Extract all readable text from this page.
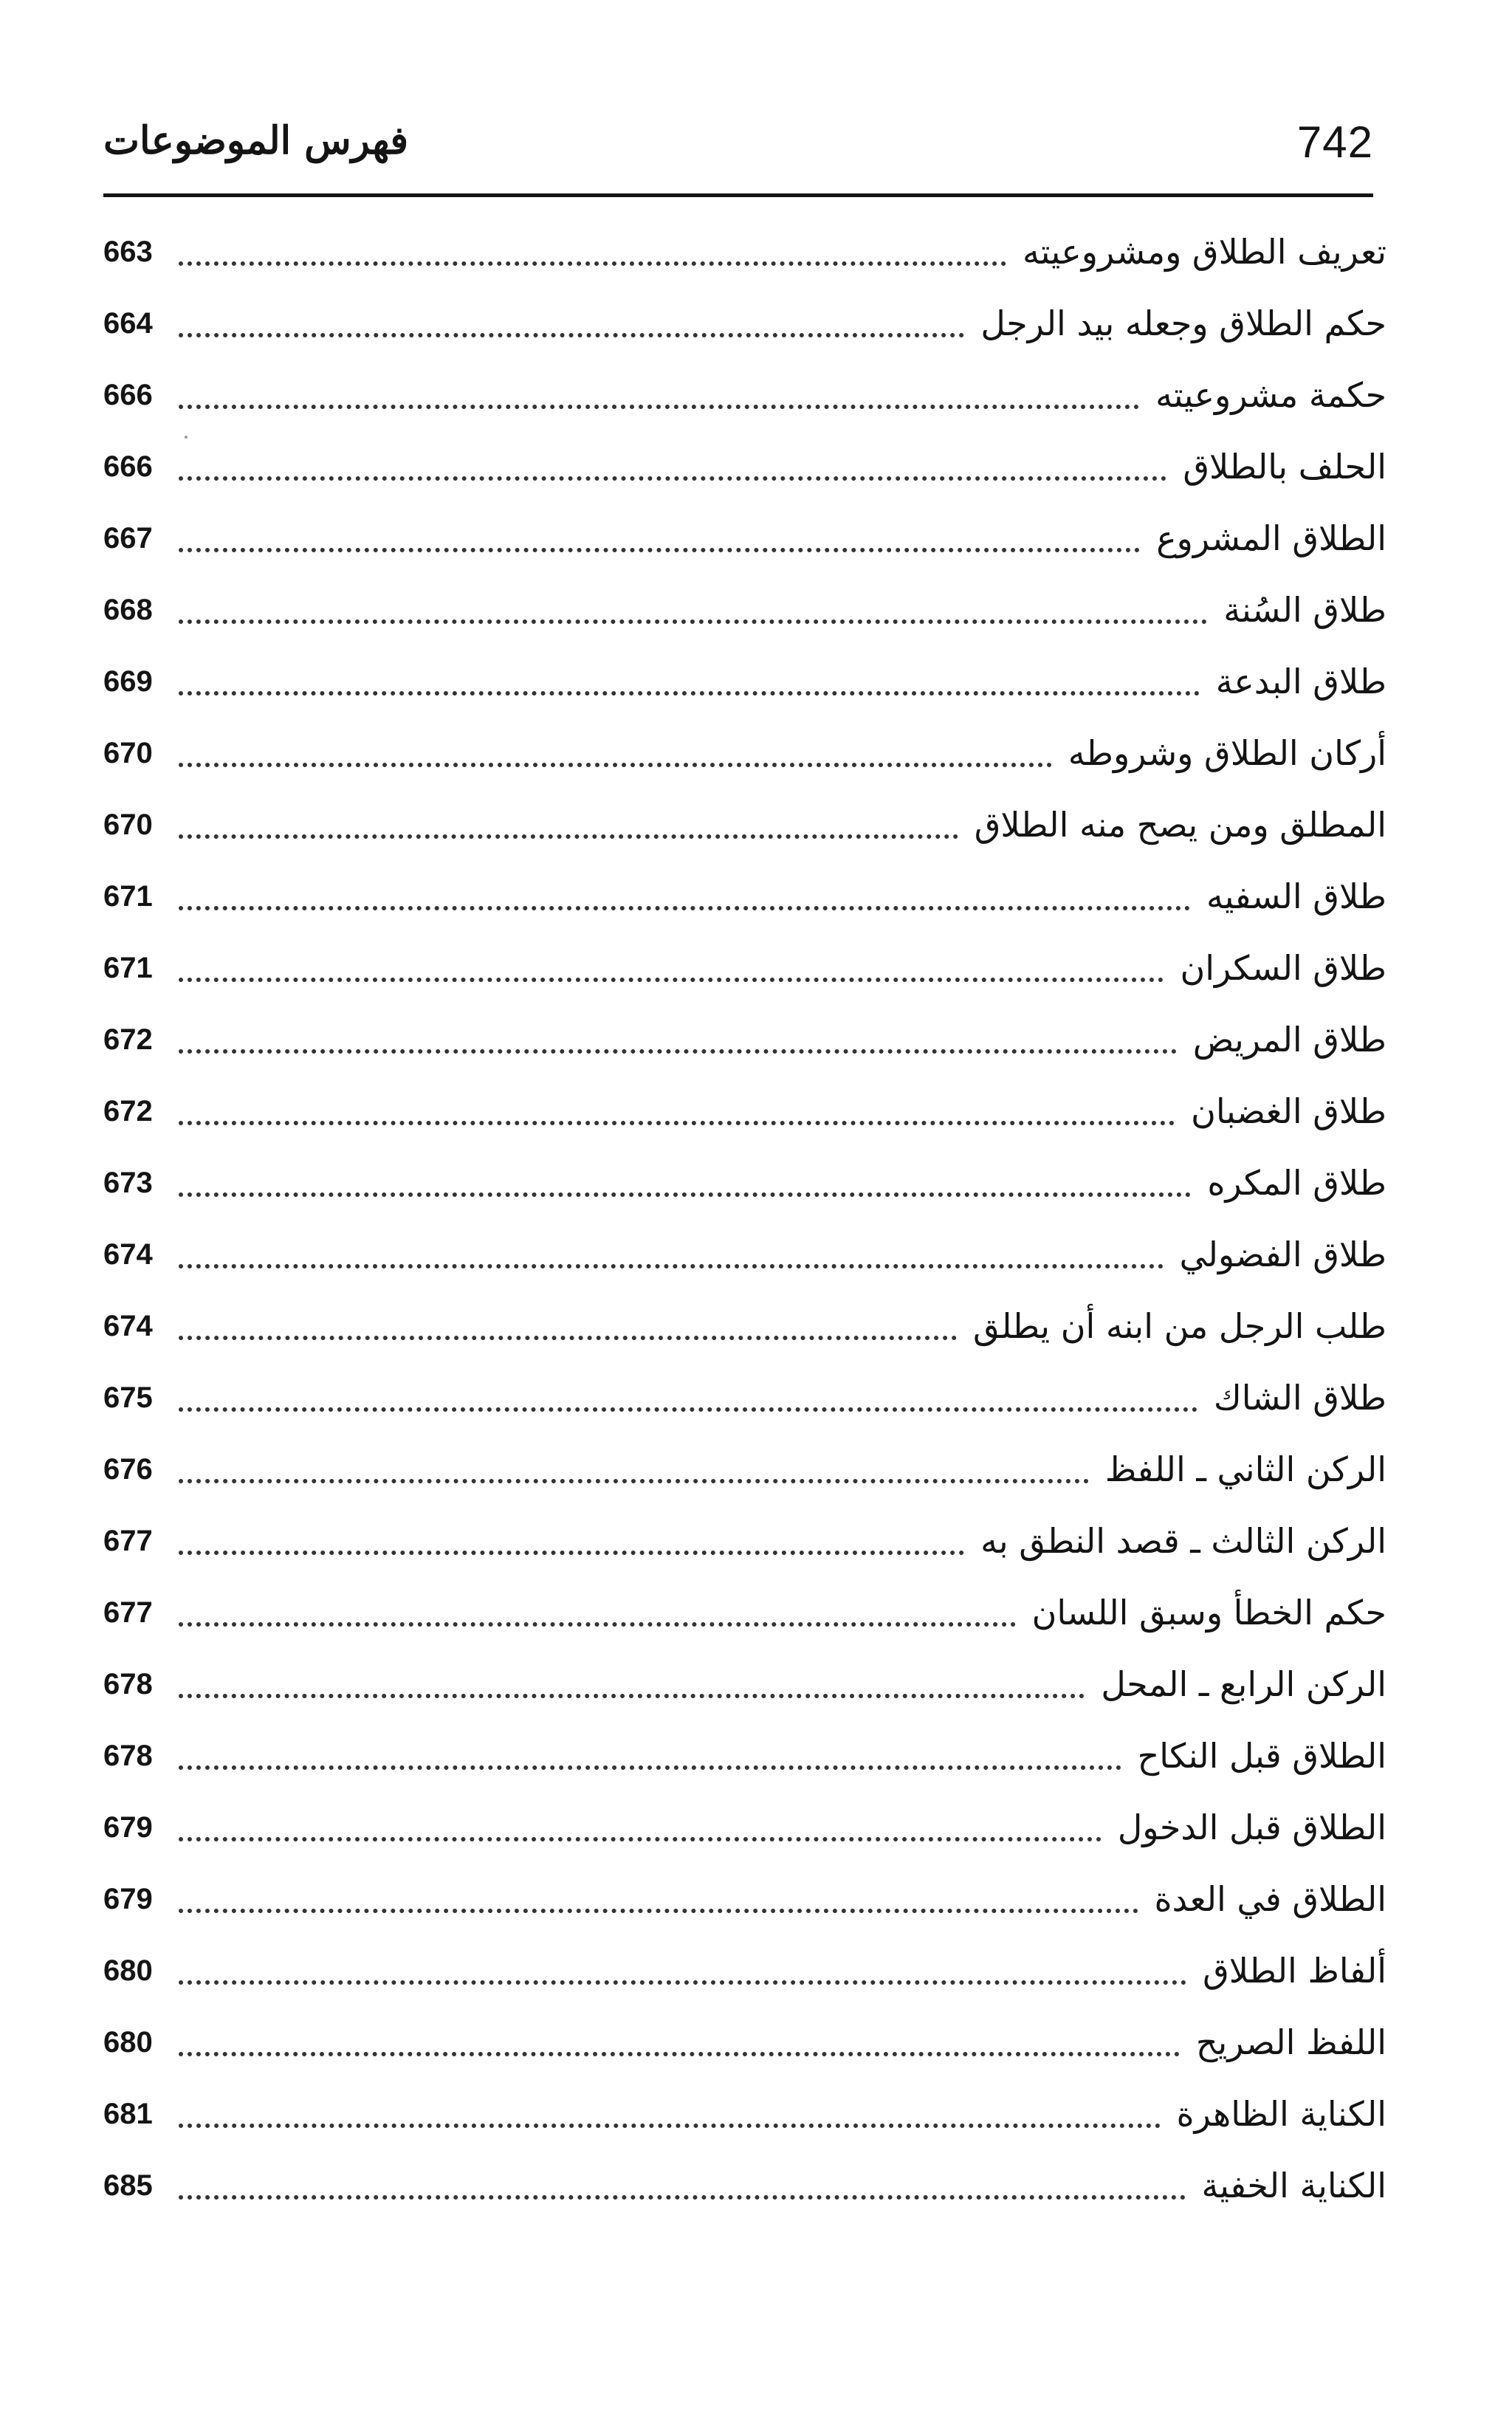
742
فهرس الموضوعات
تعريف الطلاق ومشروعيته
663
حكم الطلاق وجعله بيد الرجل
664
حكمة مشروعيته
666
الحلف بالطلاق
666
الطلاق المشروع
667
طلاق السُنة
668
طلاق البدعة
669
أركان الطلاق وشروطه
670
المطلق ومن يصح منه الطلاق
670
طلاق السفيه
671
طلاق السكران
671
طلاق المريض
672
طلاق الغضبان
672
طلاق المكره
673
طلاق الفضولي
674
طلب الرجل من ابنه أن يطلق
674
طلاق الشاك
675
الركن الثاني ـ اللفظ
676
الركن الثالث ـ قصد النطق به
677
حكم الخطأ وسبق اللسان
677
الركن الرابع ـ المحل
678
الطلاق قبل النكاح
678
الطلاق قبل الدخول
679
الطلاق في العدة
679
ألفاظ الطلاق
680
اللفظ الصريح
680
الكناية الظاهرة
681
الكناية الخفية
685
